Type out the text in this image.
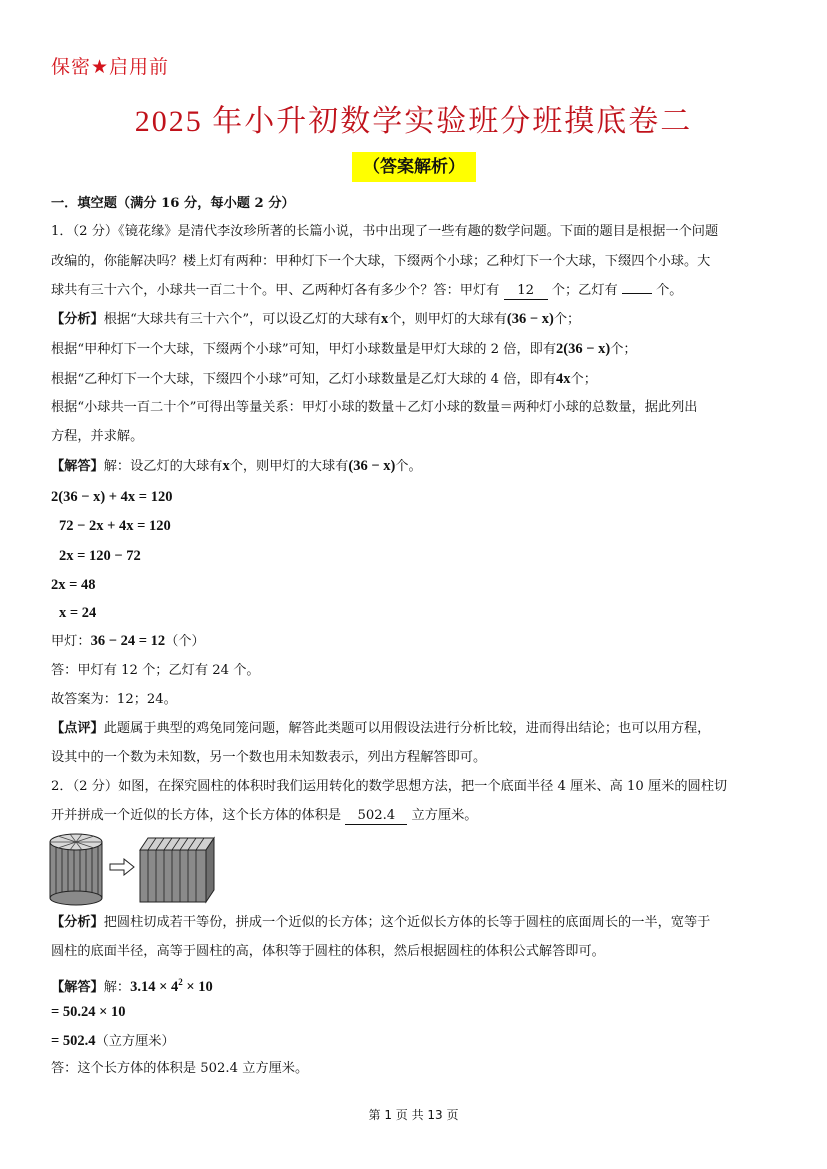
保密★启用前
2025 年小升初数学实验班分班摸底卷二
（答案解析）
一．填空题（满分 16 分，每小题 2 分）
1．（2 分）《镜花缘》是清代李汝珍所著的长篇小说，书中出现了一些有趣的数学问题。下面的题目是根据一个问题
改编的，你能解决吗？楼上灯有两种：甲种灯下一个大球，下缀两个小球；乙种灯下一个大球，下缀四个小球。大
球共有三十六个，小球共一百二十个。甲、乙两种灯各有多少个？答：甲灯有 12 个；乙灯有	个。
【分析】根据“大球共有三十六个”，可以设乙灯的大球有x个，则甲灯的大球有(36 − x)个；
根据“甲种灯下一个大球，下缀两个小球”可知，甲灯小球数量是甲灯大球的 2 倍，即有2(36 − x)个；
根据“乙种灯下一个大球，下缀四个小球”可知，乙灯小球数量是乙灯大球的 4 倍，即有4x个；
根据“小球共一百二十个”可得出等量关系：甲灯小球的数量＋乙灯小球的数量＝两种灯小球的总数量，据此列出
方程，并求解。
【解答】解：设乙灯的大球有x个，则甲灯的大球有(36 − x)个。
2(36 − x) + 4x = 120
72 − 2x + 4x = 120
2x = 120 − 72
2x = 48
x = 24
甲灯：36 − 24 = 12（个）
答：甲灯有 12 个；乙灯有 24 个。
故答案为：12；24。
【点评】此题属于典型的鸡兔同笼问题，解答此类题可以用假设法进行分析比较，进而得出结论；也可以用方程，
设其中的一个数为未知数，另一个数也用未知数表示，列出方程解答即可。
2．（2 分）如图，在探究圆柱的体积时我们运用转化的数学思想方法，把一个底面半径 4 厘米、高 10 厘米的圆柱切
开并拼成一个近似的长方体，这个长方体的体积是 502.4 立方厘米。
【分析】把圆柱切成若干等份，拼成一个近似的长方体；这个近似长方体的长等于圆柱的底面周长的一半，宽等于
圆柱的底面半径，高等于圆柱的高，体积等于圆柱的体积，然后根据圆柱的体积公式解答即可。
【解答】解：$3.14 \times 4^2 \times 10$
= 50.24 × 10
= 502.4（立方厘米）
答：这个长方体的体积是 502.4 立方厘米。
第 1 页 共 13 页
